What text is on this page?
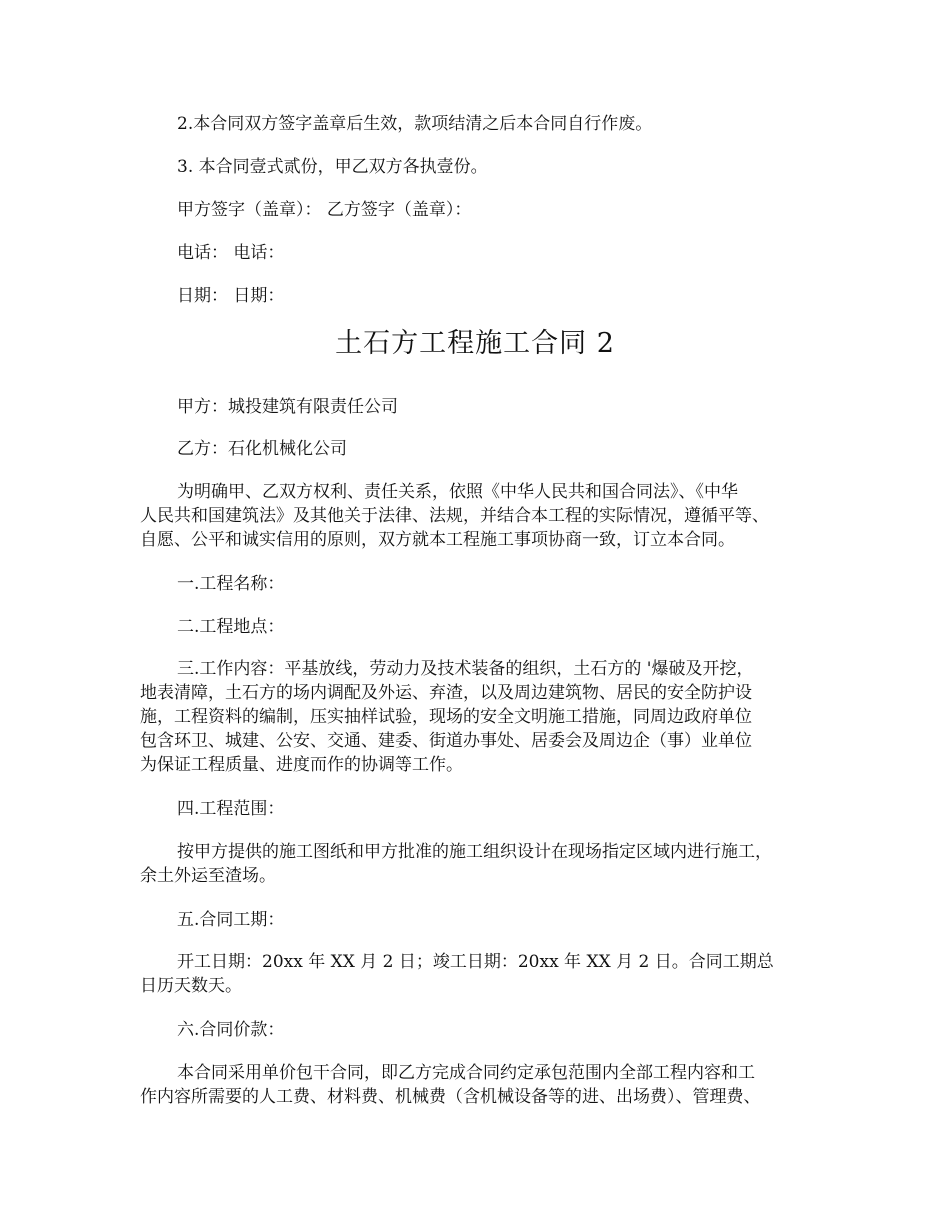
2.本合同双方签字盖章后生效，款项结清之后本合同自行作废。

3. 本合同壹式贰份，甲乙双方各执壹份。

甲方签字（盖章）： 乙方签字（盖章）：

电话： 电话：

日期： 日期：

土石方工程施工合同 2

甲方：城投建筑有限责任公司

乙方：石化机械化公司

为明确甲、乙双方权利、责任关系，依照《中华人民共和国合同法》、《中华
人民共和国建筑法》及其他关于法律、法规，并结合本工程的实际情况，遵循平等、
自愿、公平和诚实信用的原则，双方就本工程施工事项协商一致，订立本合同。

一.工程名称：

二.工程地点：

三.工作内容：平基放线，劳动力及技术装备的组织，土石方的 '爆破及开挖，
地表清障，土石方的场内调配及外运、弃渣，以及周边建筑物、居民的安全防护设
施，工程资料的编制，压实抽样试验，现场的安全文明施工措施，同周边政府单位
包含环卫、城建、公安、交通、建委、街道办事处、居委会及周边企（事）业单位
为保证工程质量、进度而作的协调等工作。

四.工程范围：

按甲方提供的施工图纸和甲方批准的施工组织设计在现场指定区域内进行施工，
余土外运至渣场。

五.合同工期：

开工日期：20xx 年 XX 月 2 日；竣工日期：20xx 年 XX 月 2 日。合同工期总
日历天数天。

六.合同价款：

本合同采用单价包干合同，即乙方完成合同约定承包范围内全部工程内容和工
作内容所需要的人工费、材料费、机械费（含机械设备等的进、出场费）、管理费、
